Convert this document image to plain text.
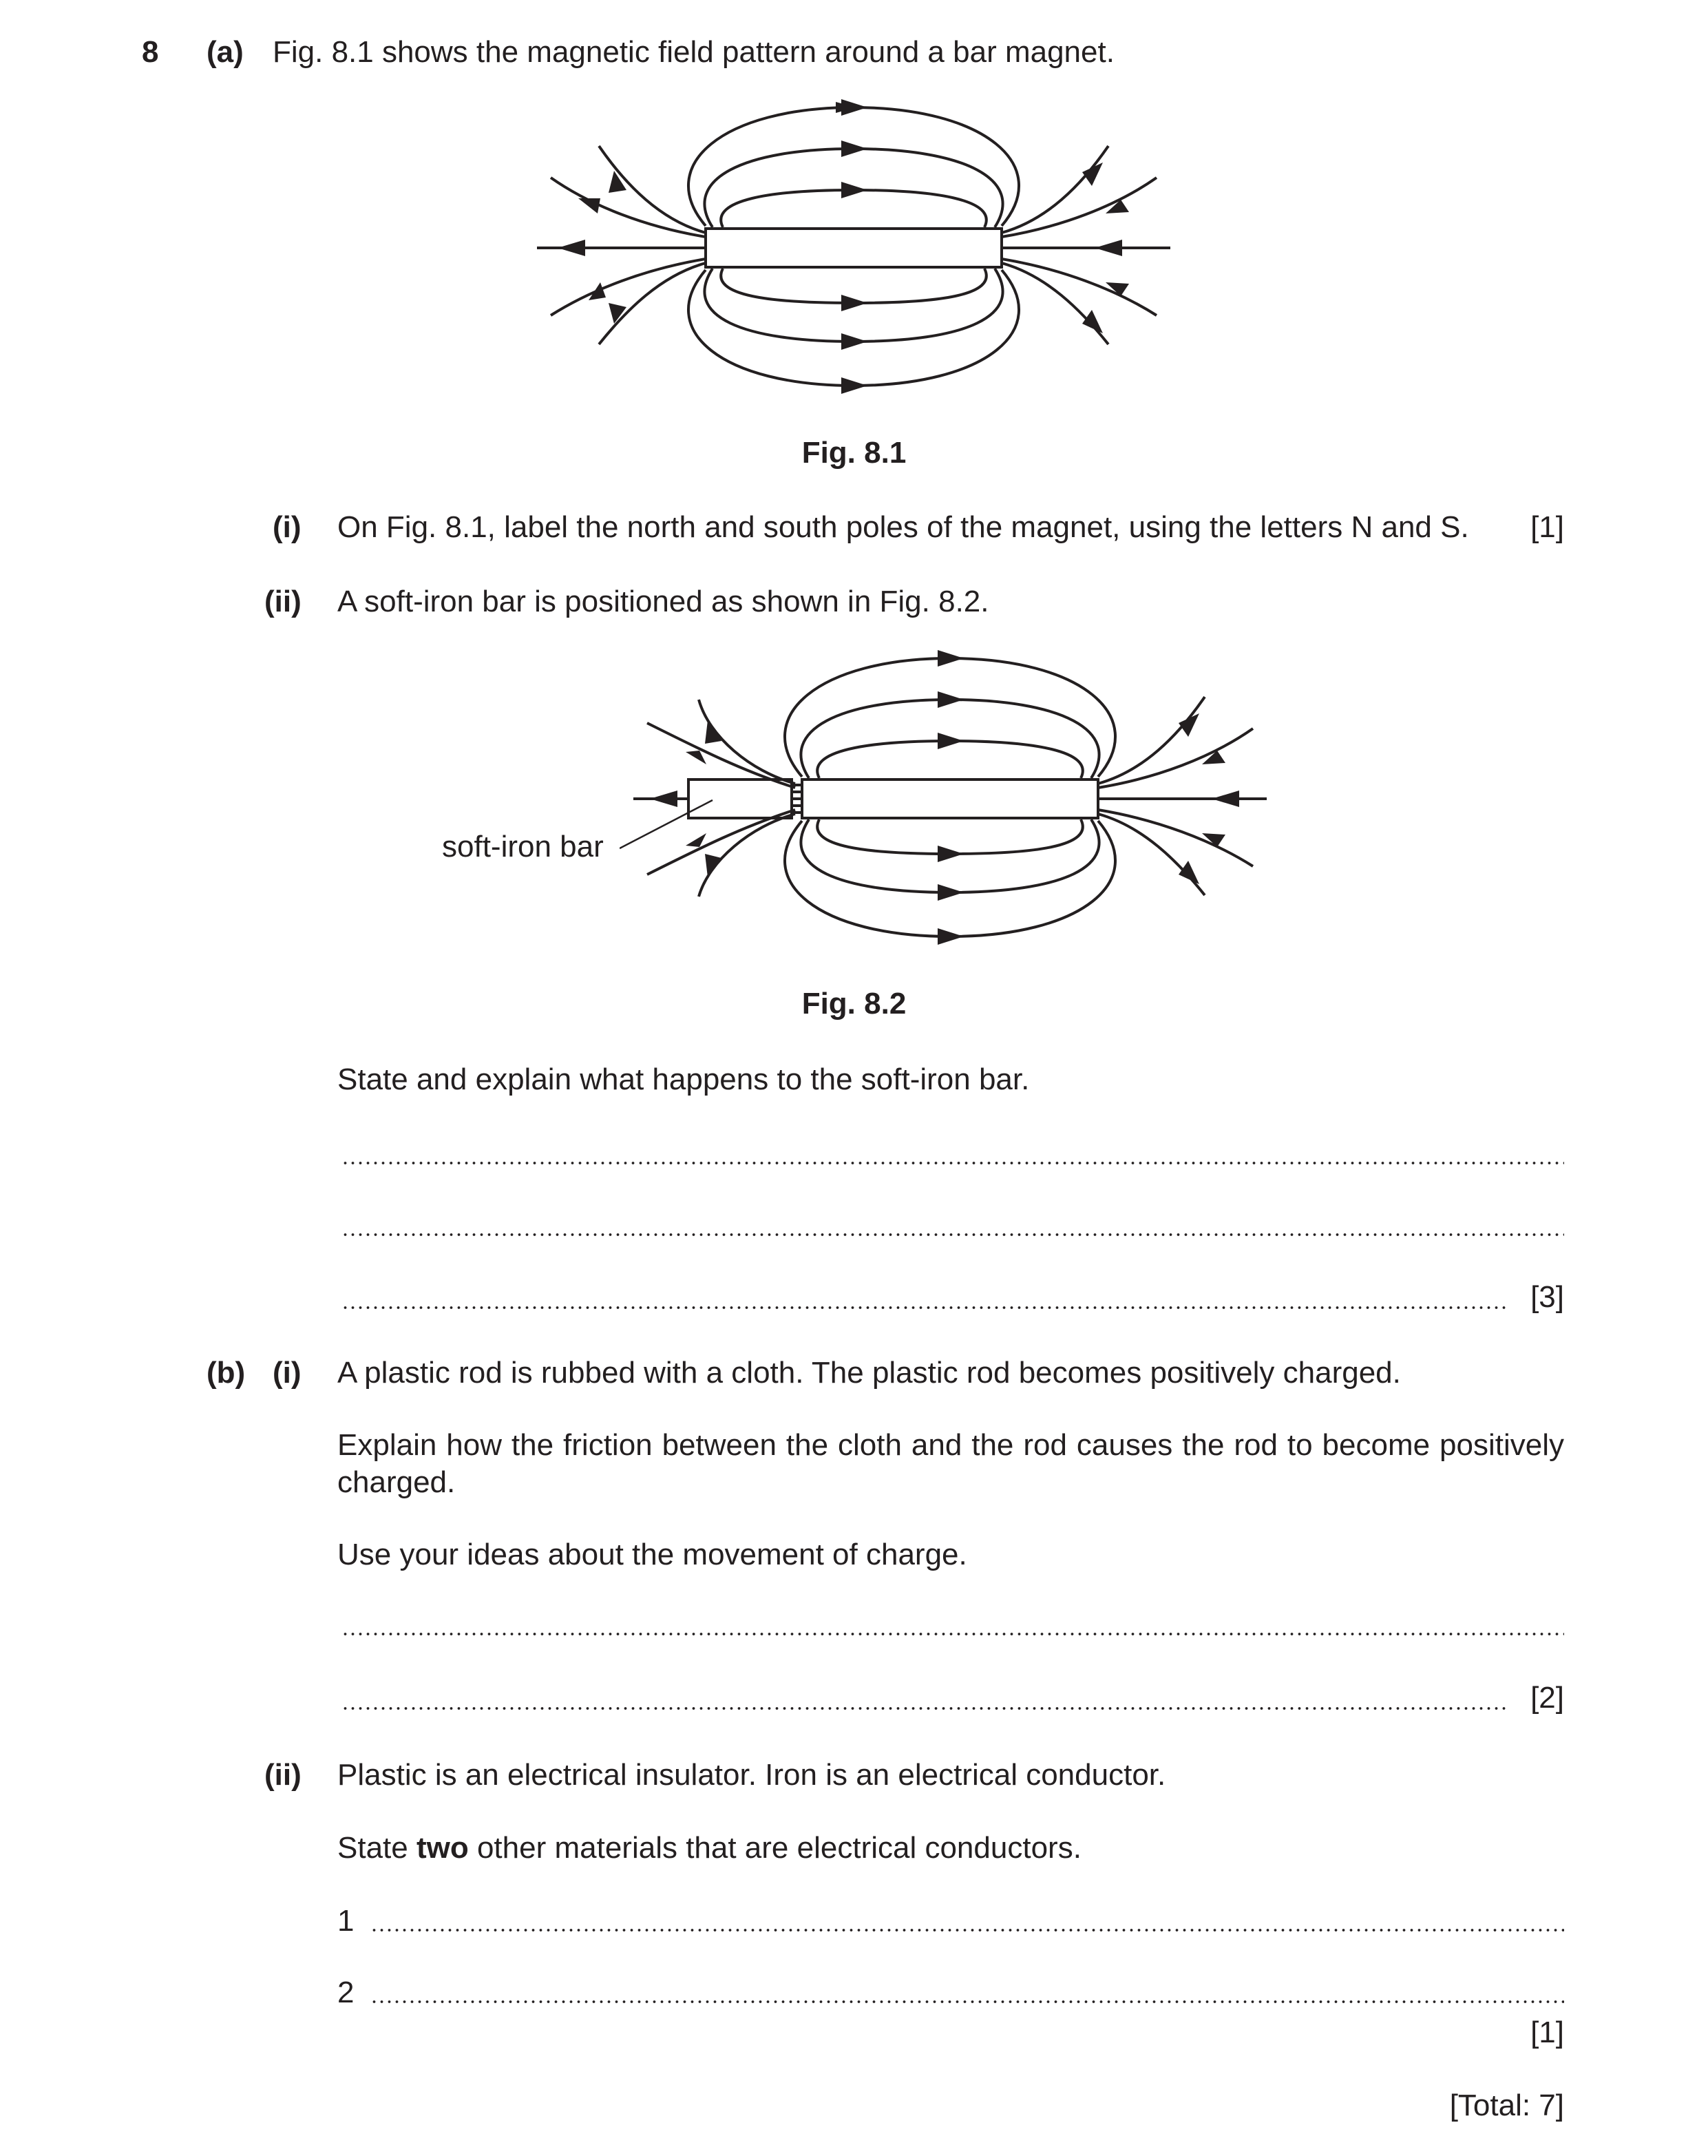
8 (a) Fig. 8.1 shows the magnetic field pattern around a bar magnet.
Fig. 8.1
(i) On Fig. 8.1, label the north and south poles of the magnet, using the letters N and S.	[1]
(ii) A soft-iron bar is positioned as shown in Fig. 8.2.
soft-iron bar
Fig. 8.2
State and explain what happens to the soft-iron bar.
[3]
(b) (i) A plastic rod is rubbed with a cloth. The plastic rod becomes positively charged.
Explain how the friction between the cloth and the rod causes the rod to become positively charged.
Use your ideas about the movement of charge.
[2]
(ii) Plastic is an electrical insulator. Iron is an electrical conductor.
State two other materials that are electrical conductors.
1
2
[1]
[Total: 7]
